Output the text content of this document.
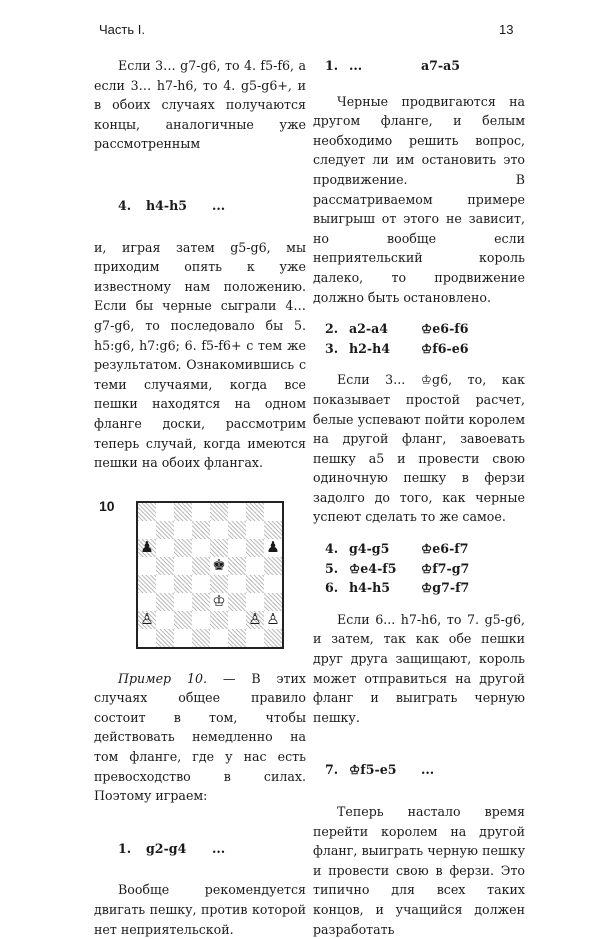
Часть I.	13

Если 3… g7-g6, то 4. f5-f6, а если 3… h7-h6, то 4. g5-g6+, и в обоих случаях получаются концы, аналогичные уже рассмотренным

4. h4-h5 ...

и, играя затем g5-g6, мы приходим опять к уже известному нам положению. Если бы черные сыграли 4… g7-g6, то последовало бы 5. h5:g6, h7:g6; 6. f5-f6+ с тем же результатом. Ознакомившись с теми случаями, когда все пешки находятся на одном фланге доски, рассмотрим теперь случай, когда имеются пешки на обоих флангах.

10
♟	♟
♚
♔
♙	♙ ♙

Пример 10. — В этих случаях общее правило состоит в том, чтобы действовать немедленно на том фланге, где у нас есть превосходство в силах. Поэтому играем:

1. g2-g4 ...

Вообще рекомендуется двигать пешку, против которой нет неприятельской.

1. ...	a7-a5

Черные продвигаются на другом фланге, и белым необходимо решить вопрос, следует ли им остановить это продвижение. В рассматриваемом примере выигрыш от этого не зависит, но вообще если неприятельский король далеко, то продвижение должно быть остановлено.

2. a2-a4	♔e6-f6
3. h2-h4 ♔f6-e6

Если 3... ♔g6, то, как показывает простой расчет, белые успевают пойти королем на другой фланг, завоевать пешку a5 и провести свою одиночную пешку в ферзи задолго до того, как черные успеют сделать то же самое.

4. g4-g5	♔e6-f7
5. ♔e4-f5 ♔f7-g7
6. h4-h5 ♔g7-f7

Если 6... h7-h6, то 7. g5-g6, и затем, так как обе пешки друг друга защищают, король может отправиться на другой фланг и выиграть черную пешку.

7. ♔f5-e5 ...

Теперь настало время перейти королем на другой фланг, выиграть черную пешку и провести свою в ферзи. Это типично для всех таких концов, и учащийся должен разработать
